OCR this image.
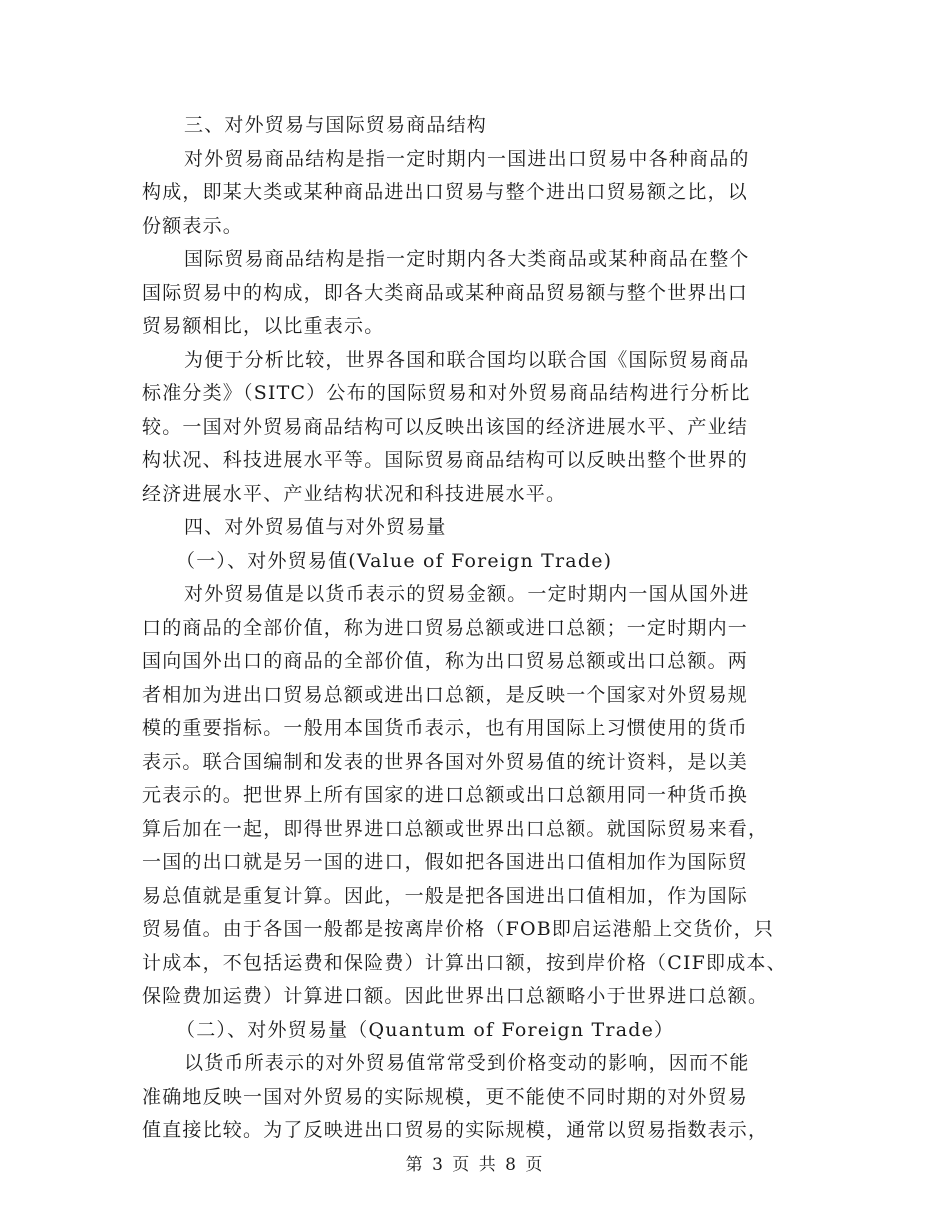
三、对外贸易与国际贸易商品结构
对外贸易商品结构是指一定时期内一国进出口贸易中各种商品的
构成，即某大类或某种商品进出口贸易与整个进出口贸易额之比，以
份额表示。
国际贸易商品结构是指一定时期内各大类商品或某种商品在整个
国际贸易中的构成，即各大类商品或某种商品贸易额与整个世界出口
贸易额相比，以比重表示。
为便于分析比较，世界各国和联合国均以联合国《国际贸易商品
标准分类》（SITC）公布的国际贸易和对外贸易商品结构进行分析比
较。一国对外贸易商品结构可以反映出该国的经济进展水平、产业结
构状况、科技进展水平等。国际贸易商品结构可以反映出整个世界的
经济进展水平、产业结构状况和科技进展水平。
四、对外贸易值与对外贸易量
（一）、对外贸易值(Value of Foreign Trade)
对外贸易值是以货币表示的贸易金额。一定时期内一国从国外进
口的商品的全部价值，称为进口贸易总额或进口总额；一定时期内一
国向国外出口的商品的全部价值，称为出口贸易总额或出口总额。两
者相加为进出口贸易总额或进出口总额，是反映一个国家对外贸易规
模的重要指标。一般用本国货币表示，也有用国际上习惯使用的货币
表示。联合国编制和发表的世界各国对外贸易值的统计资料，是以美
元表示的。把世界上所有国家的进口总额或出口总额用同一种货币换
算后加在一起，即得世界进口总额或世界出口总额。就国际贸易来看，
一国的出口就是另一国的进口，假如把各国进出口值相加作为国际贸
易总值就是重复计算。因此，一般是把各国进出口值相加，作为国际
贸易值。由于各国一般都是按离岸价格（FOB即启运港船上交货价，只
计成本，不包括运费和保险费）计算出口额，按到岸价格（CIF即成本、
保险费加运费）计算进口额。因此世界出口总额略小于世界进口总额。
（二）、对外贸易量（Quantum of Foreign Trade）
以货币所表示的对外贸易值常常受到价格变动的影响，因而不能
准确地反映一国对外贸易的实际规模，更不能使不同时期的对外贸易
值直接比较。为了反映进出口贸易的实际规模，通常以贸易指数表示，
第 3 页 共 8 页
